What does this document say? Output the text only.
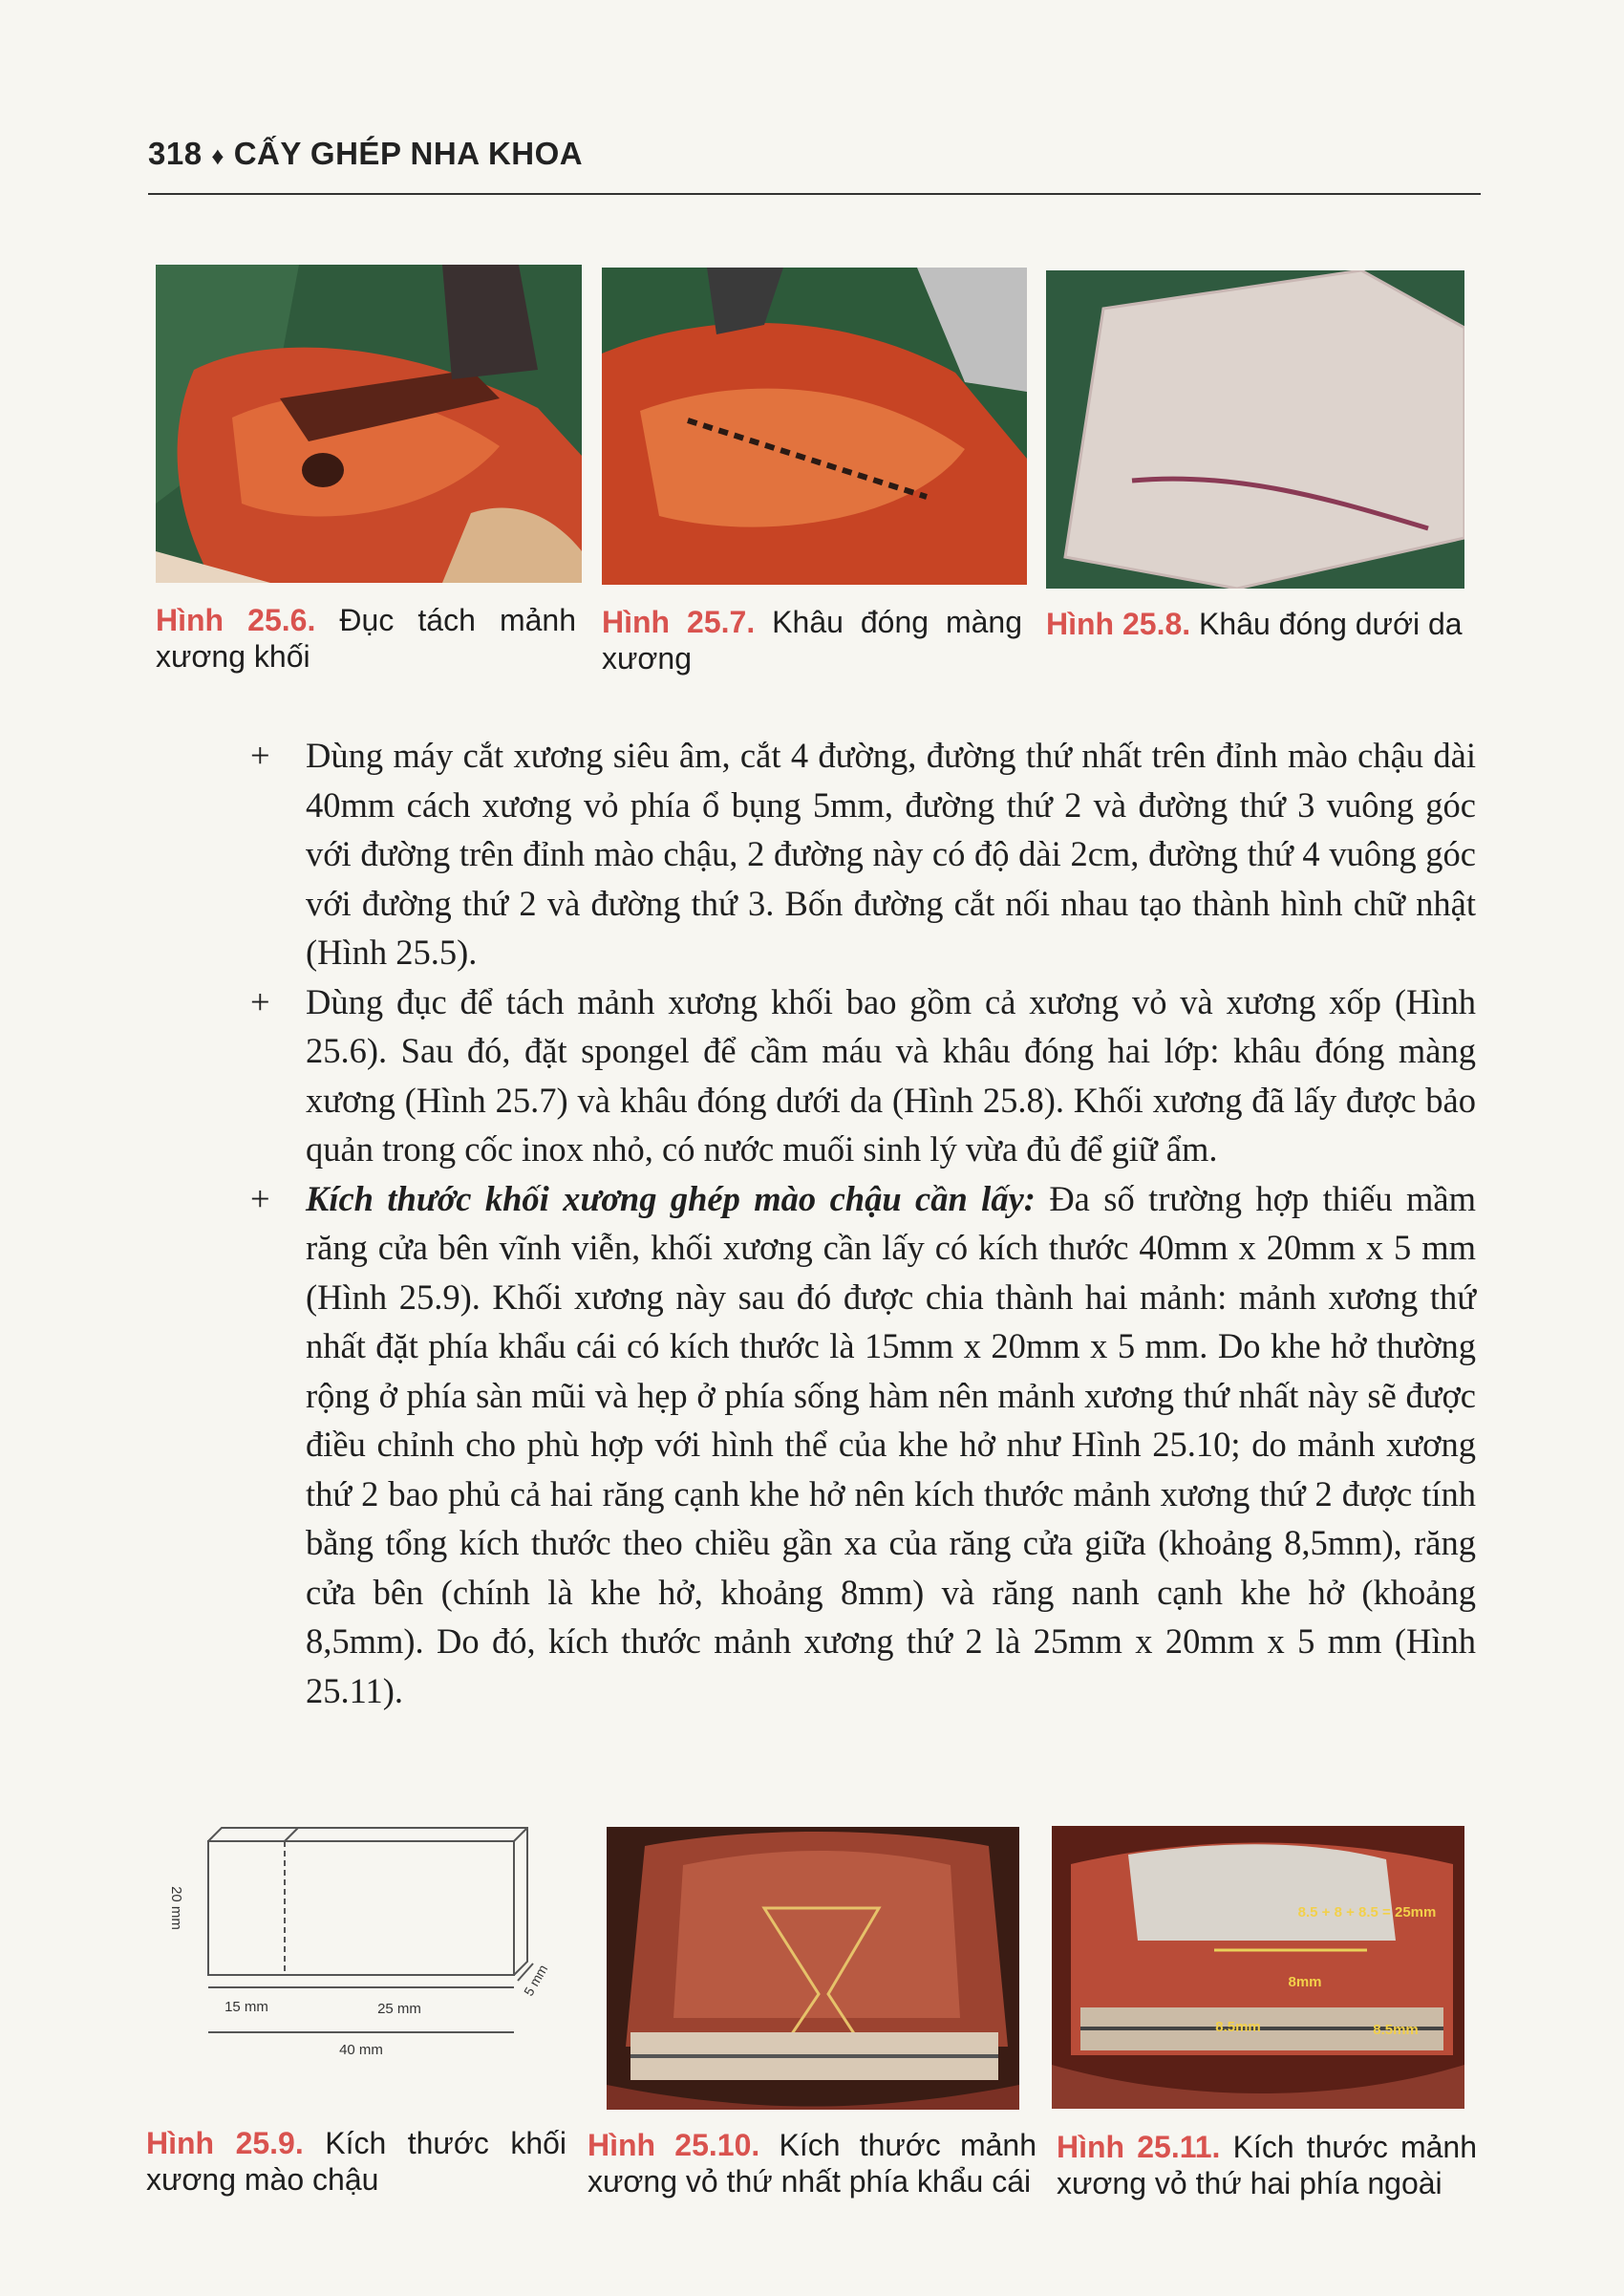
318 ♦ CẤY GHÉP NHA KHOA
Hình 25.6. Đục tách mảnh xương khối
Hình 25.7. Khâu đóng màng xương
Hình 25.8. Khâu đóng dưới da

+ Dùng máy cắt xương siêu âm, cắt 4 đường, đường thứ nhất trên đỉnh mào chậu dài 40mm cách xương vỏ phía ổ bụng 5mm, đường thứ 2 và đường thứ 3 vuông góc với đường trên đỉnh mào chậu, 2 đường này có độ dài 2cm, đường thứ 4 vuông góc với đường thứ 2 và đường thứ 3. Bốn đường cắt nối nhau tạo thành hình chữ nhật (Hình 25.5).

+ Dùng đục để tách mảnh xương khối bao gồm cả xương vỏ và xương xốp (Hình 25.6). Sau đó, đặt spongel để cầm máu và khâu đóng hai lớp: khâu đóng màng xương (Hình 25.7) và khâu đóng dưới da (Hình 25.8). Khối xương đã lấy được bảo quản trong cốc inox nhỏ, có nước muối sinh lý vừa đủ để giữ ẩm.

+ Kích thước khối xương ghép mào chậu cần lấy: Đa số trường hợp thiếu mầm răng cửa bên vĩnh viễn, khối xương cần lấy có kích thước 40mm x 20mm x 5 mm (Hình 25.9). Khối xương này sau đó được chia thành hai mảnh: mảnh xương thứ nhất đặt phía khẩu cái có kích thước là 15mm x 20mm x 5 mm. Do khe hở thường rộng ở phía sàn mũi và hẹp ở phía sống hàm nên mảnh xương thứ nhất này sẽ được điều chỉnh cho phù hợp với hình thể của khe hở như Hình 25.10; do mảnh xương thứ 2 bao phủ cả hai răng cạnh khe hở nên kích thước mảnh xương thứ 2 được tính bằng tổng kích thước theo chiều gần xa của răng cửa giữa (khoảng 8,5mm), răng cửa bên (chính là khe hở, khoảng 8mm) và răng nanh cạnh khe hở (khoảng 8,5mm). Do đó, kích thước mảnh xương thứ 2 là 25mm x 20mm x 5 mm (Hình 25.11).

20 mm
15 mm	25 mm
40 mm
5 mm
8.5 + 8 + 8.5 = 25mm
8mm
8.5mm	8.5mm
Hình 25.9. Kích thước khối xương mào chậu
Hình 25.10. Kích thước mảnh xương vỏ thứ nhất phía khẩu cái
Hình 25.11. Kích thước mảnh xương vỏ thứ hai phía ngoài
